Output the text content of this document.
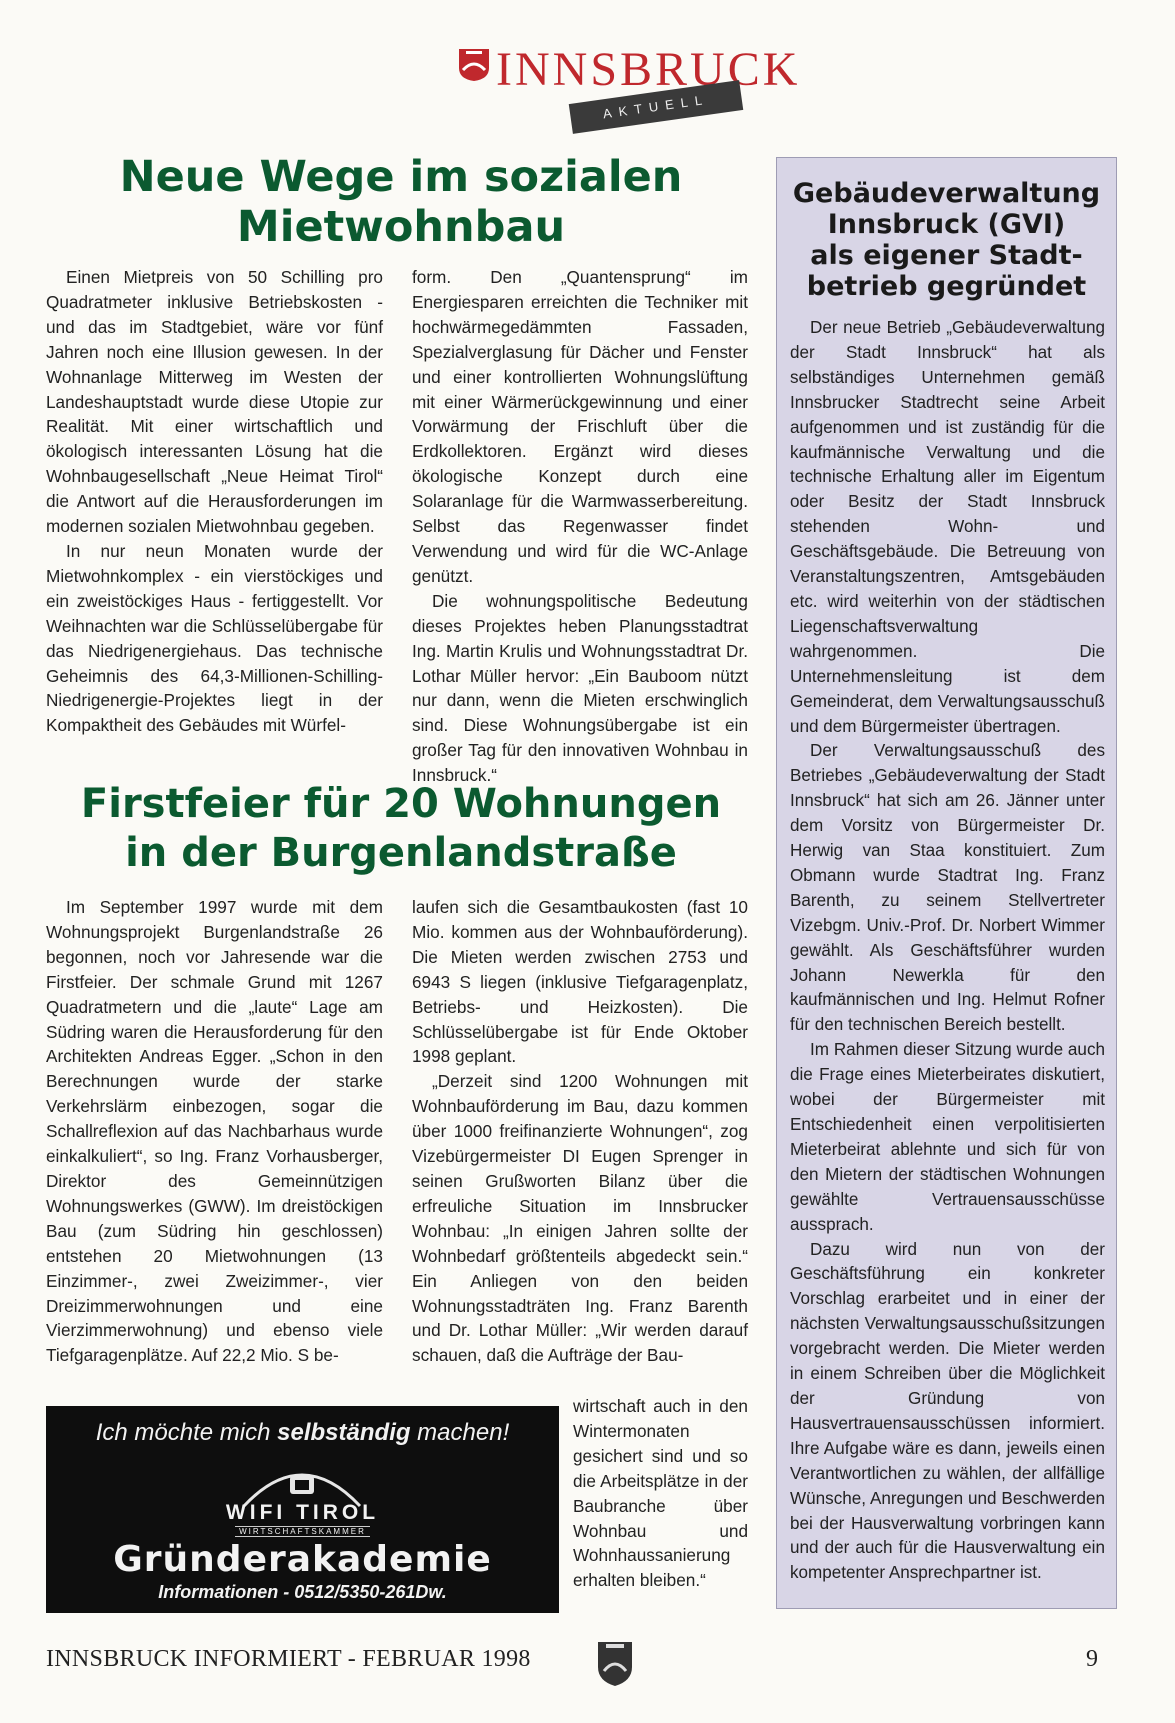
INNSBRUCK
AKTUELL
Neue Wege im sozialen
Mietwohnbau

Einen Mietpreis von 50 Schilling pro Quadratmeter inklusive Betriebskosten - und das im Stadtgebiet, wäre vor fünf Jahren noch eine Illusion gewesen. In der Wohnanlage Mitterweg im Westen der Landeshauptstadt wurde diese Utopie zur Realität. Mit einer wirtschaftlich und ökologisch interessanten Lösung hat die Wohnbaugesellschaft „Neue Heimat Tirol“ die Antwort auf die Herausforderungen im modernen sozialen Mietwohnbau gegeben.

In nur neun Monaten wurde der Mietwohnkomplex - ein vierstöckiges und ein zweistöckiges Haus - fertiggestellt. Vor Weihnachten war die Schlüsselübergabe für das Niedrigenergiehaus. Das technische Geheimnis des 64,3-Millionen-Schilling-Niedrigenergie-Projektes liegt in der Kompaktheit des Gebäudes mit Würfel-

form. Den „Quantensprung“ im Energiesparen erreichten die Techniker mit hochwärmegedämmten Fassaden, Spezialverglasung für Dächer und Fenster und einer kontrollierten Wohnungslüftung mit einer Wärmerückgewinnung und einer Vorwärmung der Frischluft über die Erdkollektoren. Ergänzt wird dieses ökologische Konzept durch eine Solaranlage für die Warmwasserbereitung. Selbst das Regenwasser findet Verwendung und wird für die WC-Anlage genützt.

Die wohnungspolitische Bedeutung dieses Projektes heben Planungsstadtrat Ing. Martin Krulis und Wohnungsstadtrat Dr. Lothar Müller hervor: „Ein Bauboom nützt nur dann, wenn die Mieten erschwinglich sind. Diese Wohnungsübergabe ist ein großer Tag für den innovativen Wohnbau in Innsbruck.“

Firstfeier für 20 Wohnungen
in der Burgenlandstraße

Im September 1997 wurde mit dem Wohnungsprojekt Burgenlandstraße 26 begonnen, noch vor Jahresende war die Firstfeier. Der schmale Grund mit 1267 Quadratmetern und die „laute“ Lage am Südring waren die Herausforderung für den Architekten Andreas Egger. „Schon in den Berechnungen wurde der starke Verkehrslärm einbezogen, sogar die Schallreflexion auf das Nachbarhaus wurde einkalkuliert“, so Ing. Franz Vorhausberger, Direktor des Gemeinnützigen Wohnungswerkes (GWW). Im dreistöckigen Bau (zum Südring hin geschlossen) entstehen 20 Mietwohnungen (13 Einzimmer-, zwei Zweizimmer-, vier Dreizimmerwohnungen und eine Vierzimmerwohnung) und ebenso viele Tiefgaragenplätze. Auf 22,2 Mio. S be-

laufen sich die Gesamtbaukosten (fast 10 Mio. kommen aus der Wohnbauförderung). Die Mieten werden zwischen 2753 und 6943 S liegen (inklusive Tiefgaragenplatz, Betriebs- und Heizkosten). Die Schlüsselübergabe ist für Ende Oktober 1998 geplant.

„Derzeit sind 1200 Wohnungen mit Wohnbauförderung im Bau, dazu kommen über 1000 freifinanzierte Wohnungen“, zog Vizebürgermeister DI Eugen Sprenger in seinen Grußworten Bilanz über die erfreuliche Situation im Innsbrucker Wohnbau: „In einigen Jahren sollte der Wohnbedarf größtenteils abgedeckt sein.“ Ein Anliegen von den beiden Wohnungsstadträten Ing. Franz Barenth und Dr. Lothar Müller: „Wir werden darauf schauen, daß die Aufträge der Bau-

wirtschaft auch in den Wintermonaten gesichert sind und so die Arbeitsplätze in der Baubranche über Wohnbau und Wohnhaussanierung erhalten bleiben.“

Gebäudeverwaltung
Innsbruck (GVI)
als eigener Stadt-
betrieb gegründet

Der neue Betrieb „Gebäudeverwaltung der Stadt Innsbruck“ hat als selbständiges Unternehmen gemäß Innsbrucker Stadtrecht seine Arbeit aufgenommen und ist zuständig für die kaufmännische Verwaltung und die technische Erhaltung aller im Eigentum oder Besitz der Stadt Innsbruck stehenden Wohn- und Geschäftsgebäude. Die Betreuung von Veranstaltungszentren, Amtsgebäuden etc. wird weiterhin von der städtischen Liegenschaftsverwaltung wahrgenommen. Die Unternehmensleitung ist dem Gemeinderat, dem Verwaltungsausschuß und dem Bürgermeister übertragen.

Der Verwaltungsausschuß des Betriebes „Gebäudeverwaltung der Stadt Innsbruck“ hat sich am 26. Jänner unter dem Vorsitz von Bürgermeister Dr. Herwig van Staa konstituiert. Zum Obmann wurde Stadtrat Ing. Franz Barenth, zu seinem Stellvertreter Vizebgm. Univ.-Prof. Dr. Norbert Wimmer gewählt. Als Geschäftsführer wurden Johann Newerkla für den kaufmännischen und Ing. Helmut Rofner für den technischen Bereich bestellt.

Im Rahmen dieser Sitzung wurde auch die Frage eines Mieterbeirates diskutiert, wobei der Bürgermeister mit Entschiedenheit einen verpolitisierten Mieterbeirat ablehnte und sich für von den Mietern der städtischen Wohnungen gewählte Vertrauensausschüsse aussprach.

Dazu wird nun von der Geschäftsführung ein konkreter Vorschlag erarbeitet und in einer der nächsten Verwaltungsausschußsitzungen vorgebracht werden. Die Mieter werden in einem Schreiben über die Möglichkeit der Gründung von Hausvertrauensausschüssen informiert. Ihre Aufgabe wäre es dann, jeweils einen Verantwortlichen zu wählen, der allfällige Wünsche, Anregungen und Beschwerden bei der Hausverwaltung vorbringen kann und der auch für die Hausverwaltung ein kompetenter Ansprechpartner ist.

Ich möchte mich selbständig machen!
WIFI TIROL
WIRTSCHAFTSKAMMER
Gründerakademie
Informationen - 0512/5350-261Dw.
INNSBRUCK INFORMIERT - FEBRUAR 1998	9
